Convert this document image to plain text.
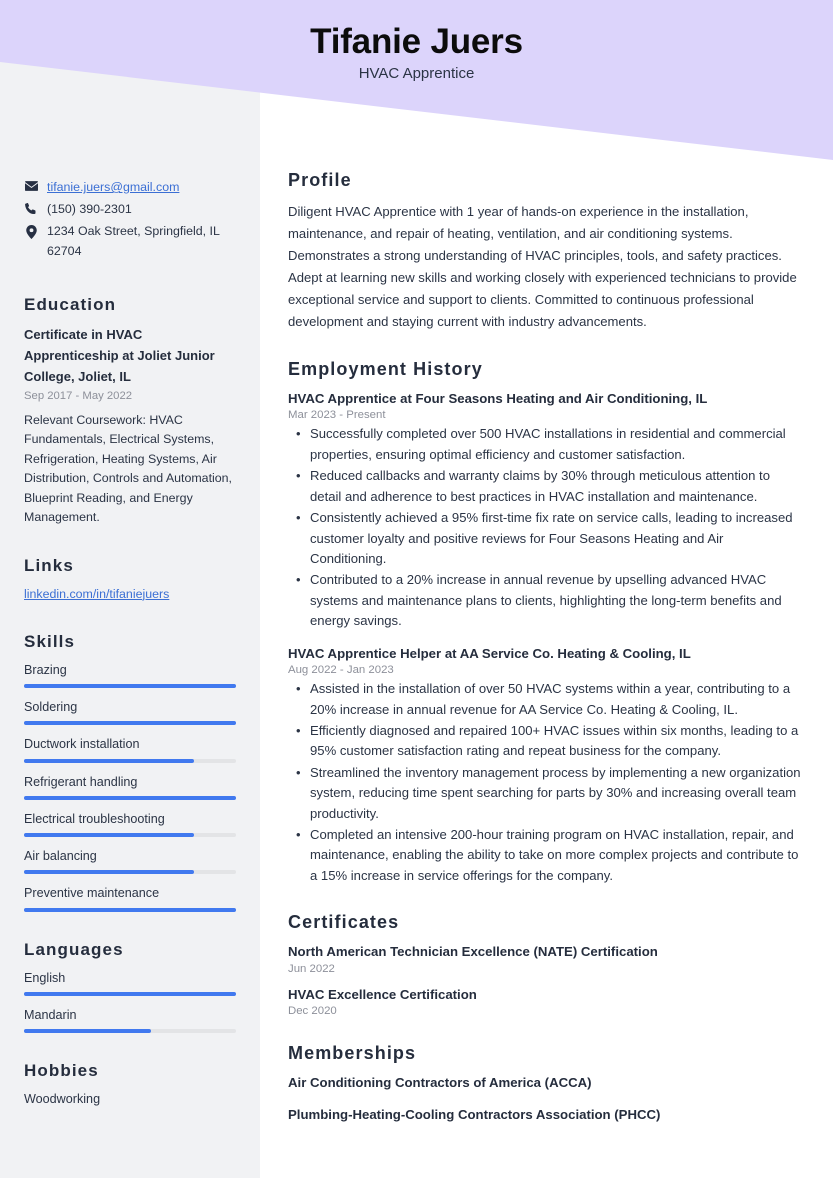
Tifanie Juers
HVAC Apprentice
tifanie.juers@gmail.com
(150) 390-2301
1234 Oak Street, Springfield, IL 62704
Education
Certificate in HVAC Apprenticeship at Joliet Junior College, Joliet, IL
Sep 2017 - May 2022
Relevant Coursework: HVAC Fundamentals, Electrical Systems, Refrigeration, Heating Systems, Air Distribution, Controls and Automation, Blueprint Reading, and Energy Management.
Links
linkedin.com/in/tifaniejuers
Skills
Brazing
Soldering
Ductwork installation
Refrigerant handling
Electrical troubleshooting
Air balancing
Preventive maintenance
Languages
English
Mandarin
Hobbies
Woodworking
Profile
Diligent HVAC Apprentice with 1 year of hands-on experience in the installation, maintenance, and repair of heating, ventilation, and air conditioning systems. Demonstrates a strong understanding of HVAC principles, tools, and safety practices. Adept at learning new skills and working closely with experienced technicians to provide exceptional service and support to clients. Committed to continuous professional development and staying current with industry advancements.
Employment History
HVAC Apprentice at Four Seasons Heating and Air Conditioning, IL
Mar 2023 - Present
• Successfully completed over 500 HVAC installations in residential and commercial properties, ensuring optimal efficiency and customer satisfaction.
• Reduced callbacks and warranty claims by 30% through meticulous attention to detail and adherence to best practices in HVAC installation and maintenance.
• Consistently achieved a 95% first-time fix rate on service calls, leading to increased customer loyalty and positive reviews for Four Seasons Heating and Air Conditioning.
• Contributed to a 20% increase in annual revenue by upselling advanced HVAC systems and maintenance plans to clients, highlighting the long-term benefits and energy savings.
HVAC Apprentice Helper at AA Service Co. Heating & Cooling, IL
Aug 2022 - Jan 2023
• Assisted in the installation of over 50 HVAC systems within a year, contributing to a 20% increase in annual revenue for AA Service Co. Heating & Cooling, IL.
• Efficiently diagnosed and repaired 100+ HVAC issues within six months, leading to a 95% customer satisfaction rating and repeat business for the company.
• Streamlined the inventory management process by implementing a new organization system, reducing time spent searching for parts by 30% and increasing overall team productivity.
• Completed an intensive 200-hour training program on HVAC installation, repair, and maintenance, enabling the ability to take on more complex projects and contribute to a 15% increase in service offerings for the company.
Certificates
North American Technician Excellence (NATE) Certification
Jun 2022
HVAC Excellence Certification
Dec 2020
Memberships
Air Conditioning Contractors of America (ACCA)
Plumbing-Heating-Cooling Contractors Association (PHCC)
